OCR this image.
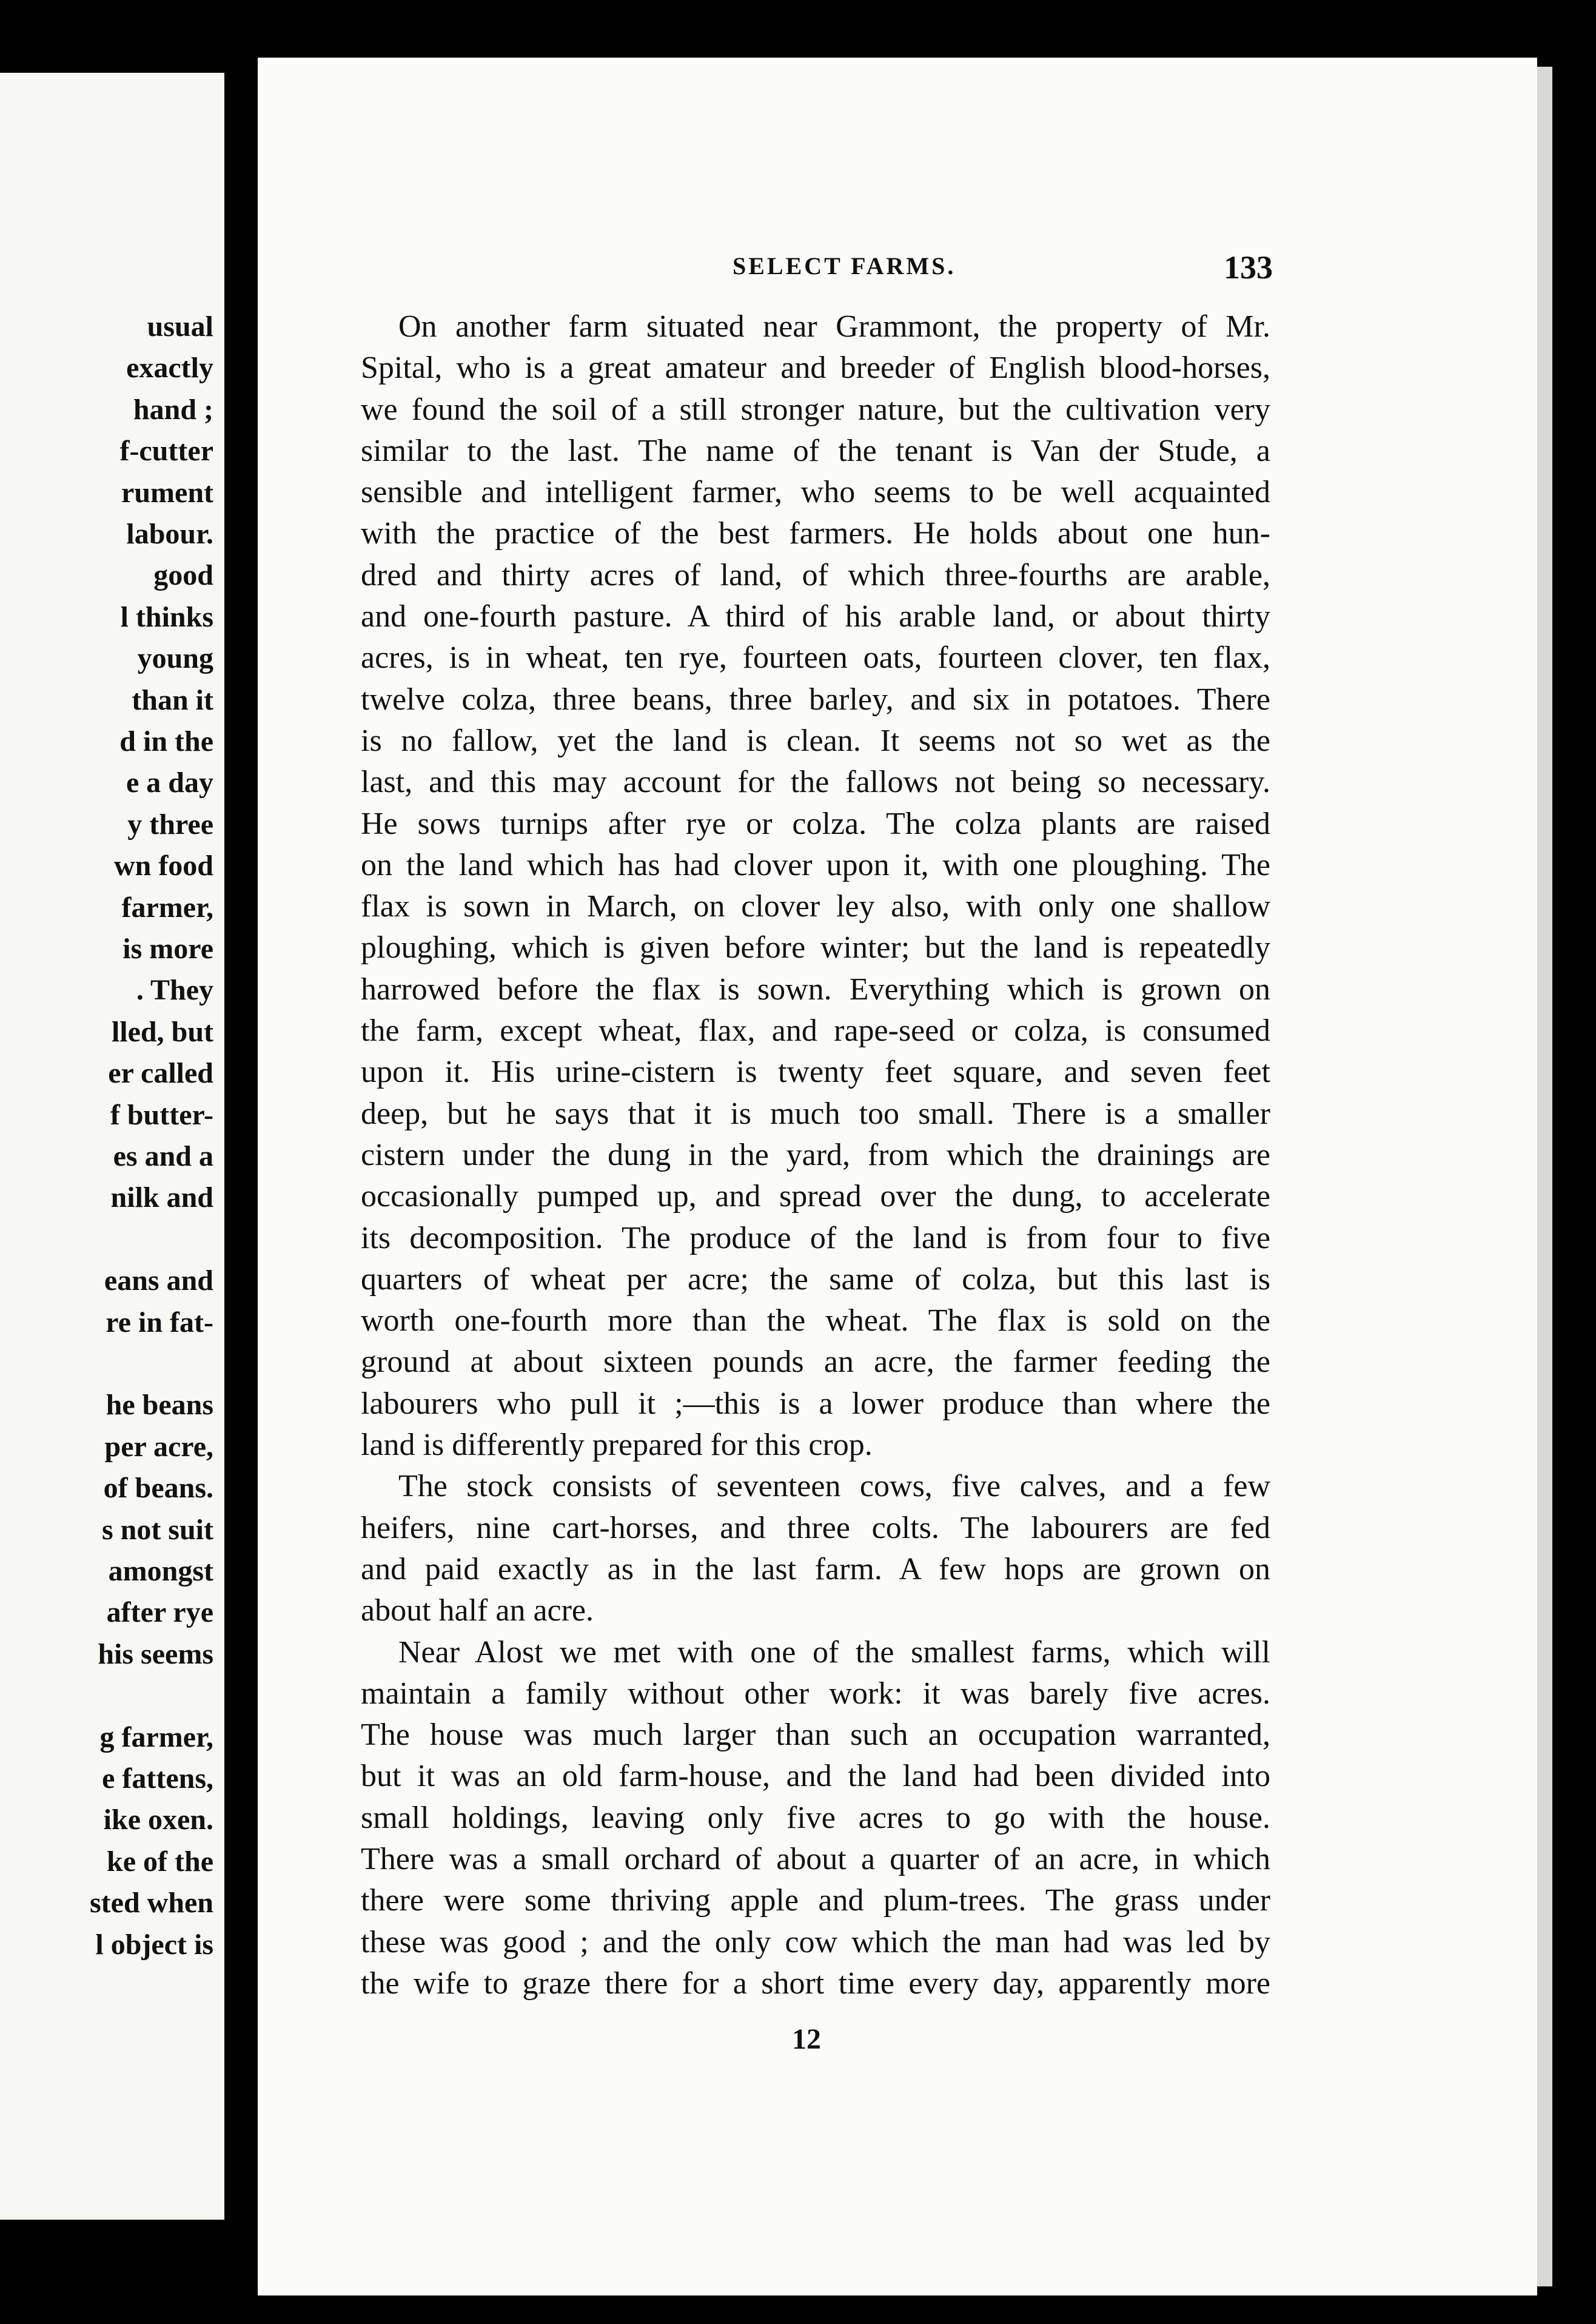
usual
exactly
hand ;
f-cutter
rument
labour.
good
l thinks
young
than it
d in the
e a day
y three
wn food
farmer,
is more
. They
lled, but
er called
f butter-
es and a
nilk and
eans and
re in fat-
he beans
per acre,
of beans.
s not suit
amongst
after rye
his seems
g farmer,
e fattens,
ike oxen.
ke of the
sted when
l object is
SELECT FARMS.	133

On another farm situated near Grammont, the property of Mr.

Spital, who is a great amateur and breeder of English blood-horses,

we found the soil of a still stronger nature, but the cultivation very

similar to the last. The name of the tenant is Van der Stude, a

sensible and intelligent farmer, who seems to be well acquainted

with the practice of the best farmers. He holds about one hun-

dred and thirty acres of land, of which three-fourths are arable,

and one-fourth pasture. A third of his arable land, or about thirty

acres, is in wheat, ten rye, fourteen oats, fourteen clover, ten flax,

twelve colza, three beans, three barley, and six in potatoes. There

is no fallow, yet the land is clean. It seems not so wet as the

last, and this may account for the fallows not being so necessary.

He sows turnips after rye or colza. The colza plants are raised

on the land which has had clover upon it, with one ploughing. The

flax is sown in March, on clover ley also, with only one shallow

ploughing, which is given before winter; but the land is repeatedly

harrowed before the flax is sown. Everything which is grown on

the farm, except wheat, flax, and rape-seed or colza, is consumed

upon it. His urine-cistern is twenty feet square, and seven feet

deep, but he says that it is much too small. There is a smaller

cistern under the dung in the yard, from which the drainings are

occasionally pumped up, and spread over the dung, to accelerate

its decomposition. The produce of the land is from four to five

quarters of wheat per acre; the same of colza, but this last is

worth one-fourth more than the wheat. The flax is sold on the

ground at about sixteen pounds an acre, the farmer feeding the

labourers who pull it ;—this is a lower produce than where the

land is differently prepared for this crop.

The stock consists of seventeen cows, five calves, and a few

heifers, nine cart-horses, and three colts. The labourers are fed

and paid exactly as in the last farm. A few hops are grown on

about half an acre.

Near Alost we met with one of the smallest farms, which will

maintain a family without other work: it was barely five acres.

The house was much larger than such an occupation warranted,

but it was an old farm-house, and the land had been divided into

small holdings, leaving only five acres to go with the house.

There was a small orchard of about a quarter of an acre, in which

there were some thriving apple and plum-trees. The grass under

these was good ; and the only cow which the man had was led by

the wife to graze there for a short time every day, apparently more

12
